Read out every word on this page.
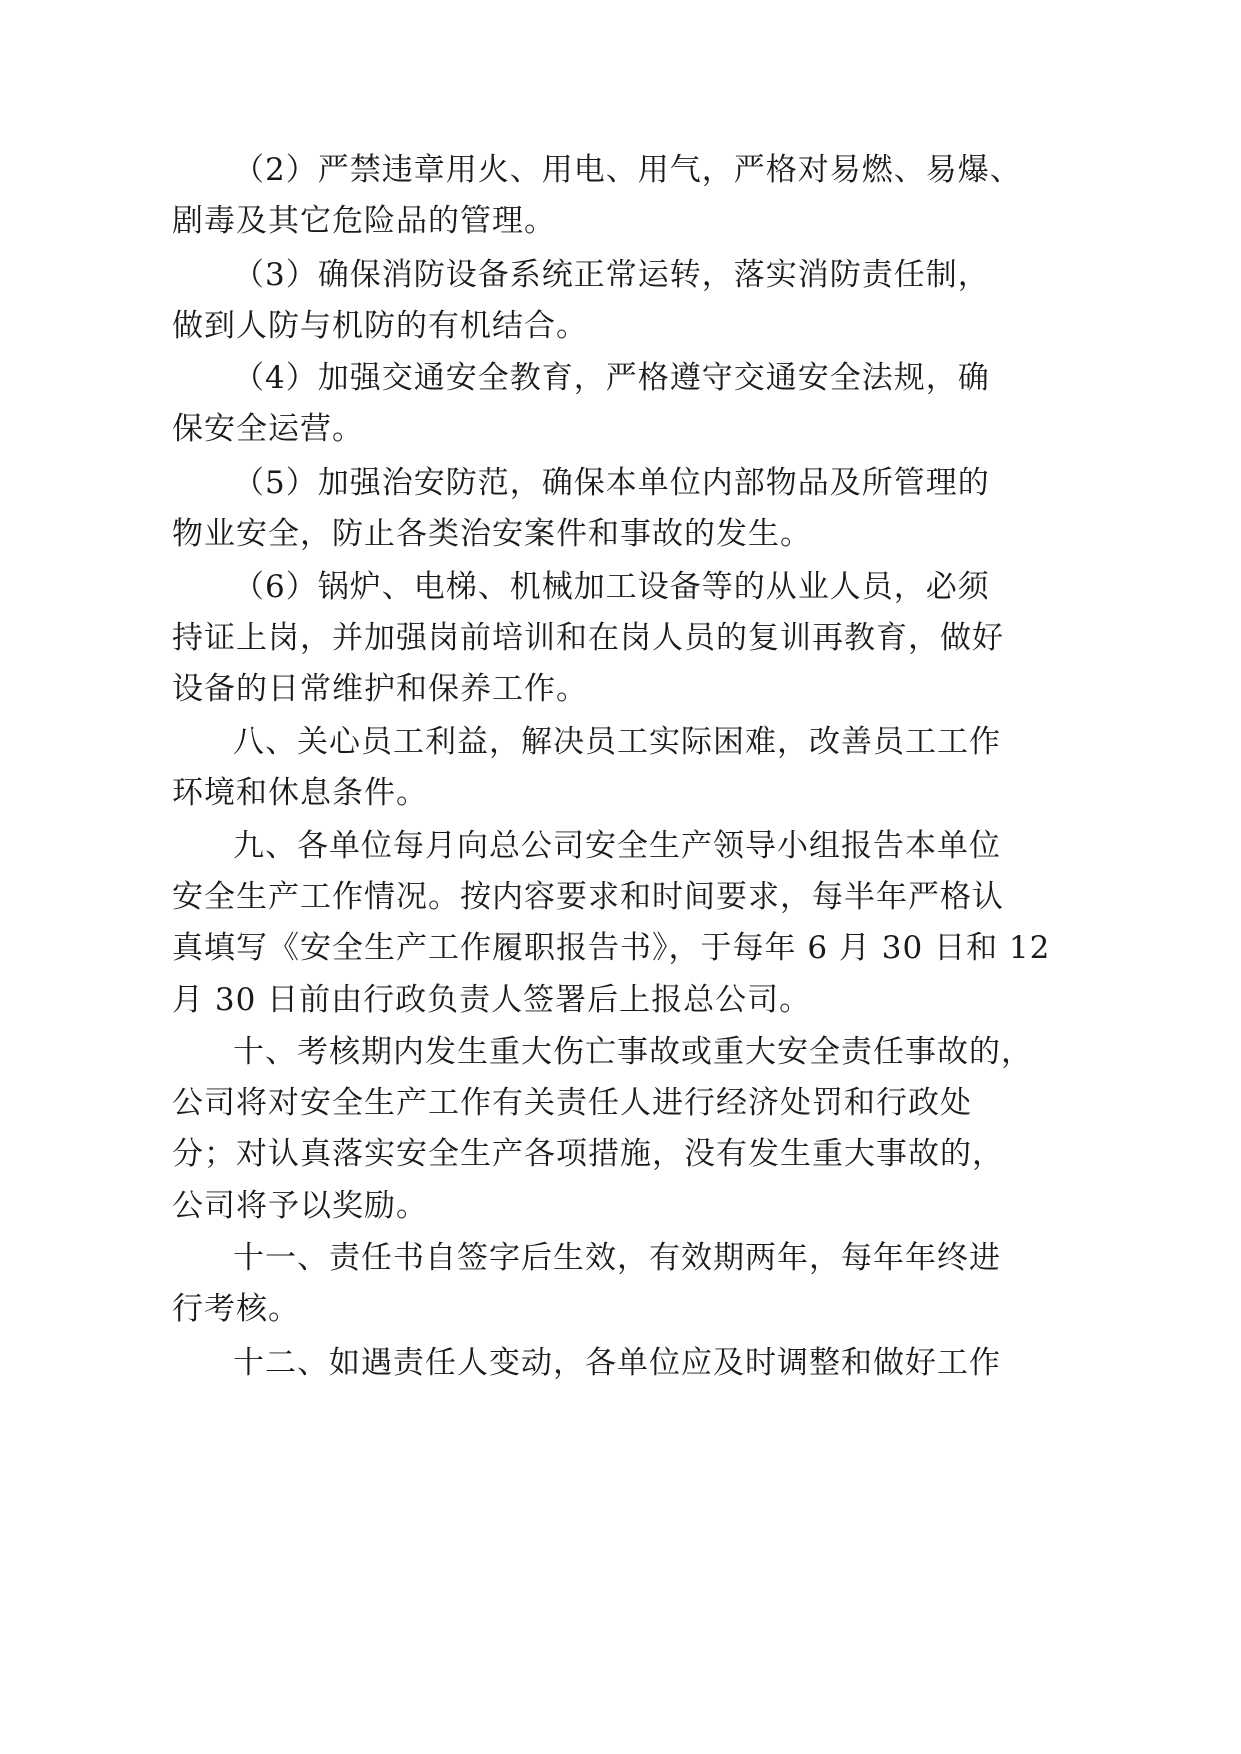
（2）严禁违章用火、用电、用气，严格对易燃、易爆、
剧毒及其它危险品的管理。
（3）确保消防设备系统正常运转，落实消防责任制，
做到人防与机防的有机结合。
（4）加强交通安全教育，严格遵守交通安全法规，确
保安全运营。
（5）加强治安防范，确保本单位内部物品及所管理的
物业安全，防止各类治安案件和事故的发生。
（6）锅炉、电梯、机械加工设备等的从业人员，必须
持证上岗，并加强岗前培训和在岗人员的复训再教育，做好
设备的日常维护和保养工作。
八、关心员工利益，解决员工实际困难，改善员工工作
环境和休息条件。
九、各单位每月向总公司安全生产领导小组报告本单位
安全生产工作情况。按内容要求和时间要求，每半年严格认
真填写《安全生产工作履职报告书》，于每年 6 月 30 日和 12
月 30 日前由行政负责人签署后上报总公司。
十、考核期内发生重大伤亡事故或重大安全责任事故的，
公司将对安全生产工作有关责任人进行经济处罚和行政处
分；对认真落实安全生产各项措施，没有发生重大事故的，
公司将予以奖励。
十一、责任书自签字后生效，有效期两年，每年年终进
行考核。
十二、如遇责任人变动，各单位应及时调整和做好工作
